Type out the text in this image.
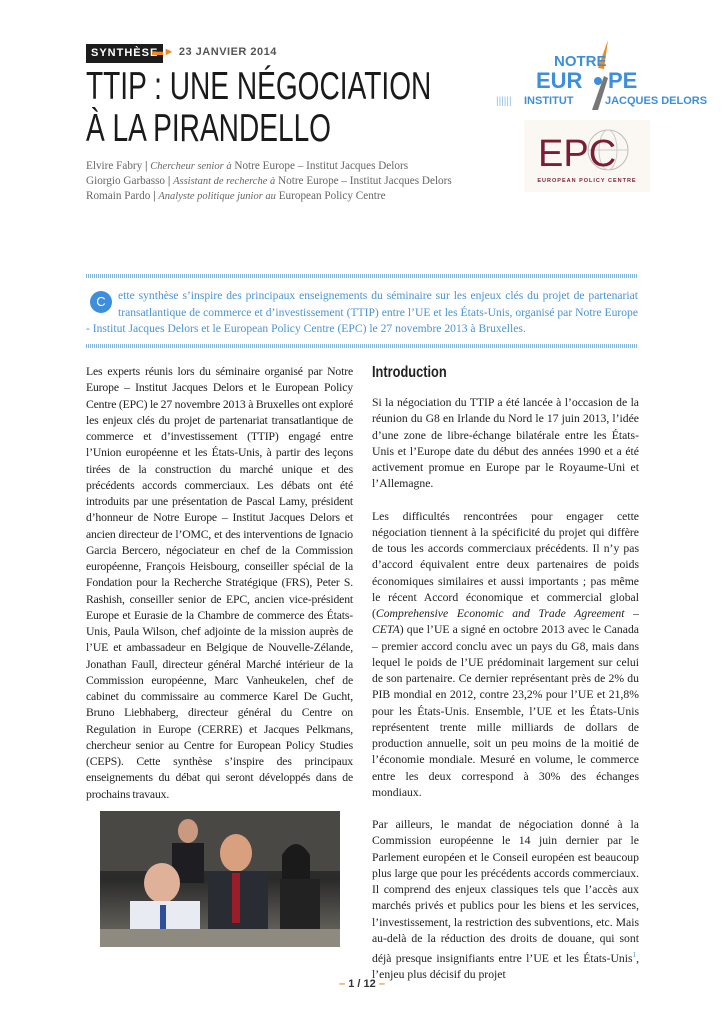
SYNTHÈSE
▬► 23 JANVIER 2014
TTIP : UNE NÉGOCIATION
À LA PIRANDELLO
Elvire Fabry | Chercheur senior à Notre Europe – Institut Jacques Delors
Giorgio Garbasso | Assistant de recherche à Notre Europe – Institut Jacques Delors
Romain Pardo | Analyste politique junior au European Policy Centre
NOTRE
EUR PE
|||||| INSTITUT	JACQUES DELORS
EPC
EUROPEAN POLICY CENTRE
C	ette synthèse s’inspire des principaux enseignements du séminaire sur les enjeux clés du projet de partenariat transatlantique de commerce et d’investissement (TTIP) entre l’UE et les États-Unis, organisé par Notre Europe - Institut Jacques Delors et le European Policy Centre (EPC) le 27 novembre 2013 à Bruxelles.
Les experts réunis lors du séminaire organisé par Notre Europe – Institut Jacques Delors et le European Policy Centre (EPC) le 27 novembre 2013 à Bruxelles ont exploré les enjeux clés du projet de partenariat transatlantique de commerce et d’investissement (TTIP) engagé entre l’Union européenne et les États-Unis, à partir des leçons tirées de la construction du marché unique et des précédents accords commerciaux. Les débats ont été introduits par une présentation de Pascal Lamy, président d’honneur de Notre Europe – Institut Jacques Delors et ancien directeur de l’OMC, et des interventions de Ignacio Garcia Bercero, négociateur en chef de la Commission européenne, François Heisbourg, conseiller spécial de la Fondation pour la Recherche Stratégique (FRS), Peter S. Rashish, conseiller senior de EPC, ancien vice-président Europe et Eurasie de la Chambre de commerce des États-Unis, Paula Wilson, chef adjointe de la mission auprès de l’UE et ambassadeur en Belgique de Nouvelle-Zélande, Jonathan Faull, directeur général Marché intérieur de la Commission européenne, Marc Vanheukelen, chef de cabinet du commissaire au commerce Karel De Gucht, Bruno Liebhaberg, directeur général du Centre on Regulation in Europe (CERRE) et Jacques Pelkmans, chercheur senior au Centre for European Policy Studies (CEPS). Cette synthèse s’inspire des principaux enseignements du débat qui seront développés dans de prochains travaux.
Introduction

Si la négociation du TTIP a été lancée à l’occasion de la réunion du G8 en Irlande du Nord le 17 juin 2013, l’idée d’une zone de libre-échange bilatérale entre les États-Unis et l’Europe date du début des années 1990 et a été activement promue en Europe par le Royaume-Uni et l’Allemagne.

Les difficultés rencontrées pour engager cette négociation tiennent à la spécificité du projet qui diffère de tous les accords commerciaux précédents. Il n’y pas d’accord équivalent entre deux partenaires de poids économiques similaires et aussi importants ; pas même le récent Accord économique et commercial global (Comprehensive Economic and Trade Agreement – CETA) que l’UE a signé en octobre 2013 avec le Canada – premier accord conclu avec un pays du G8, mais dans lequel le poids de l’UE prédominait largement sur celui de son partenaire. Ce dernier représentant près de 2% du PIB mondial en 2012, contre 23,2% pour l’UE et 21,8% pour les États-Unis. Ensemble, l’UE et les États-Unis représentent trente mille milliards de dollars de production annuelle, soit un peu moins de la moitié de l’économie mondiale. Mesuré en volume, le commerce entre les deux correspond à 30% des échanges mondiaux.

Par ailleurs, le mandat de négociation donné à la Commission européenne le 14 juin dernier par le Parlement européen et le Conseil européen est beaucoup plus large que pour les précédents accords commerciaux. Il comprend des enjeux classiques tels que l’accès aux marchés privés et publics pour les biens et les services, l’investissement, la restriction des subventions, etc. Mais au-delà de la réduction des droits de douane, qui sont déjà presque insignifiants entre l’UE et les États-Unis$^1$, l’enjeu plus décisif du projet

– 1 / 12 –
